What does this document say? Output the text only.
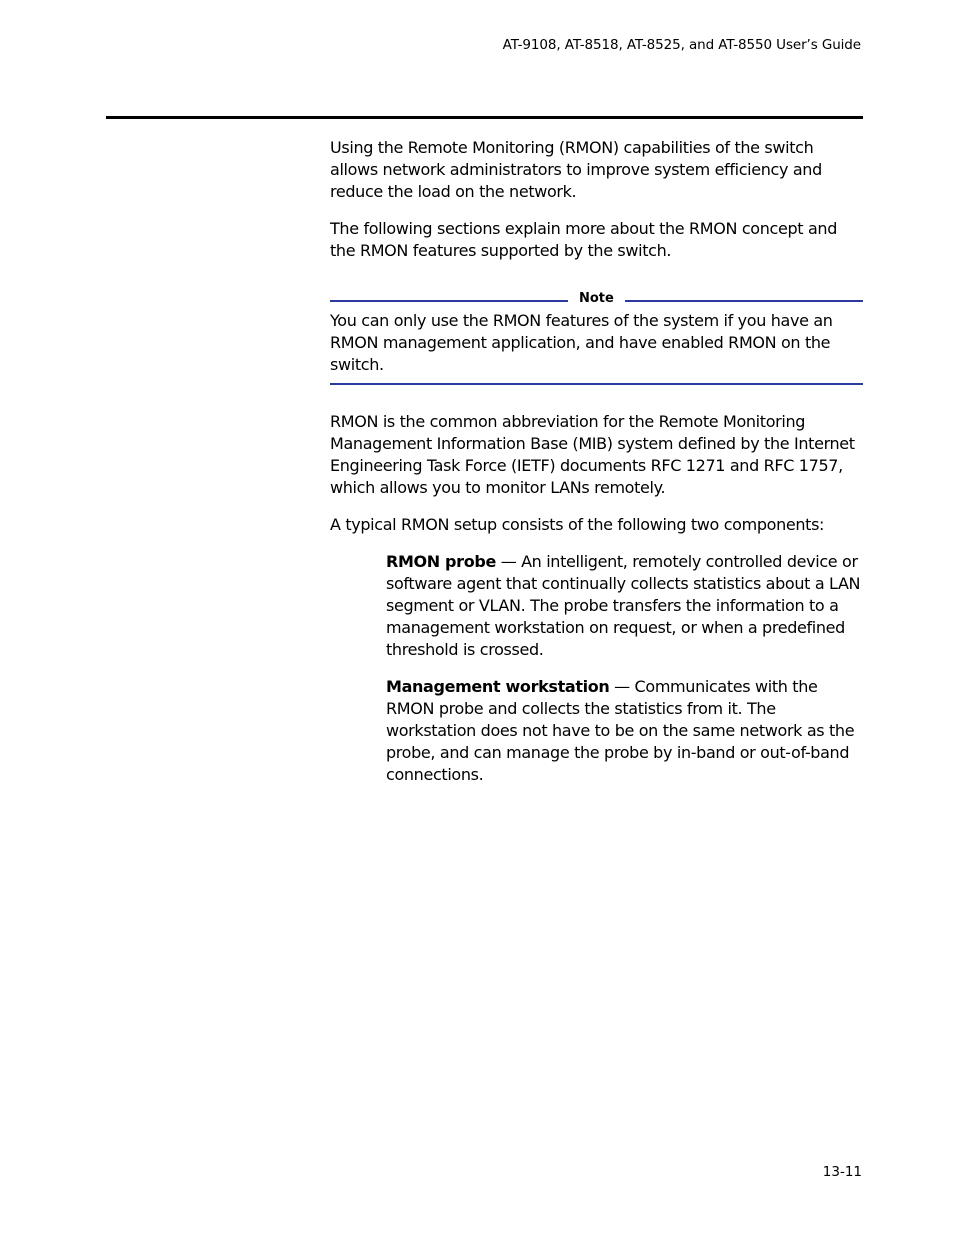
AT-9108, AT-8518, AT-8525, and AT-8550 User’s Guide

Using the Remote Monitoring (RMON) capabilities of the switch allows network administrators to improve system efficiency and reduce the load on the network.

The following sections explain more about the RMON concept and the RMON features supported by the switch.

Note
You can only use the RMON features of the system if you have an RMON management application, and have enabled RMON on the switch.

RMON is the common abbreviation for the Remote Monitoring Management Information Base (MIB) system defined by the Internet Engineering Task Force (IETF) documents RFC 1271 and RFC 1757, which allows you to monitor LANs remotely.

A typical RMON setup consists of the following two components:

RMON probe — An intelligent, remotely controlled device or software agent that continually collects statistics about a LAN segment or VLAN. The probe transfers the information to a management workstation on request, or when a predefined threshold is crossed.

Management workstation — Communicates with the RMON probe and collects the statistics from it. The workstation does not have to be on the same network as the probe, and can manage the probe by in-band or out-of-band connections.

13-11
